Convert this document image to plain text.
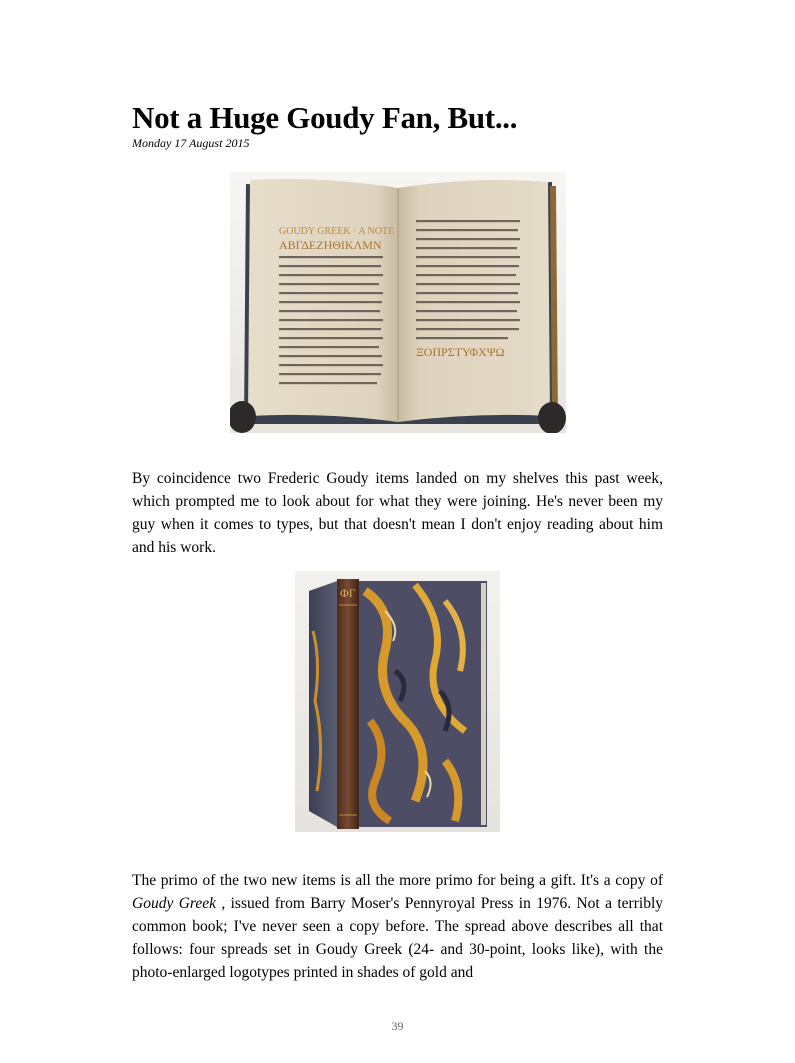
Not a Huge Goudy Fan, But...
Monday 17 August 2015
GOUDY GREEK · A NOTE
ΑΒΓΔΕΖΗΘΙΚΛΜΝ
ΞΟΠΡΣΤΥΦΧΨΩ

By coincidence two Frederic Goudy items landed on my shelves this past week, which prompted me to look about for what they were joining. He's never been my guy when it comes to types, but that doesn't mean I don't enjoy reading about him and his work.

ΦΓ

The primo of the two new items is all the more primo for being a gift. It's a copy of Goudy Greek , issued from Barry Moser's Pennyroyal Press in 1976. Not a terribly common book; I've never seen a copy before. The spread above describes all that follows: four spreads set in Goudy Greek (24- and 30-point, looks like), with the photo-enlarged logotypes printed in shades of gold and

39
